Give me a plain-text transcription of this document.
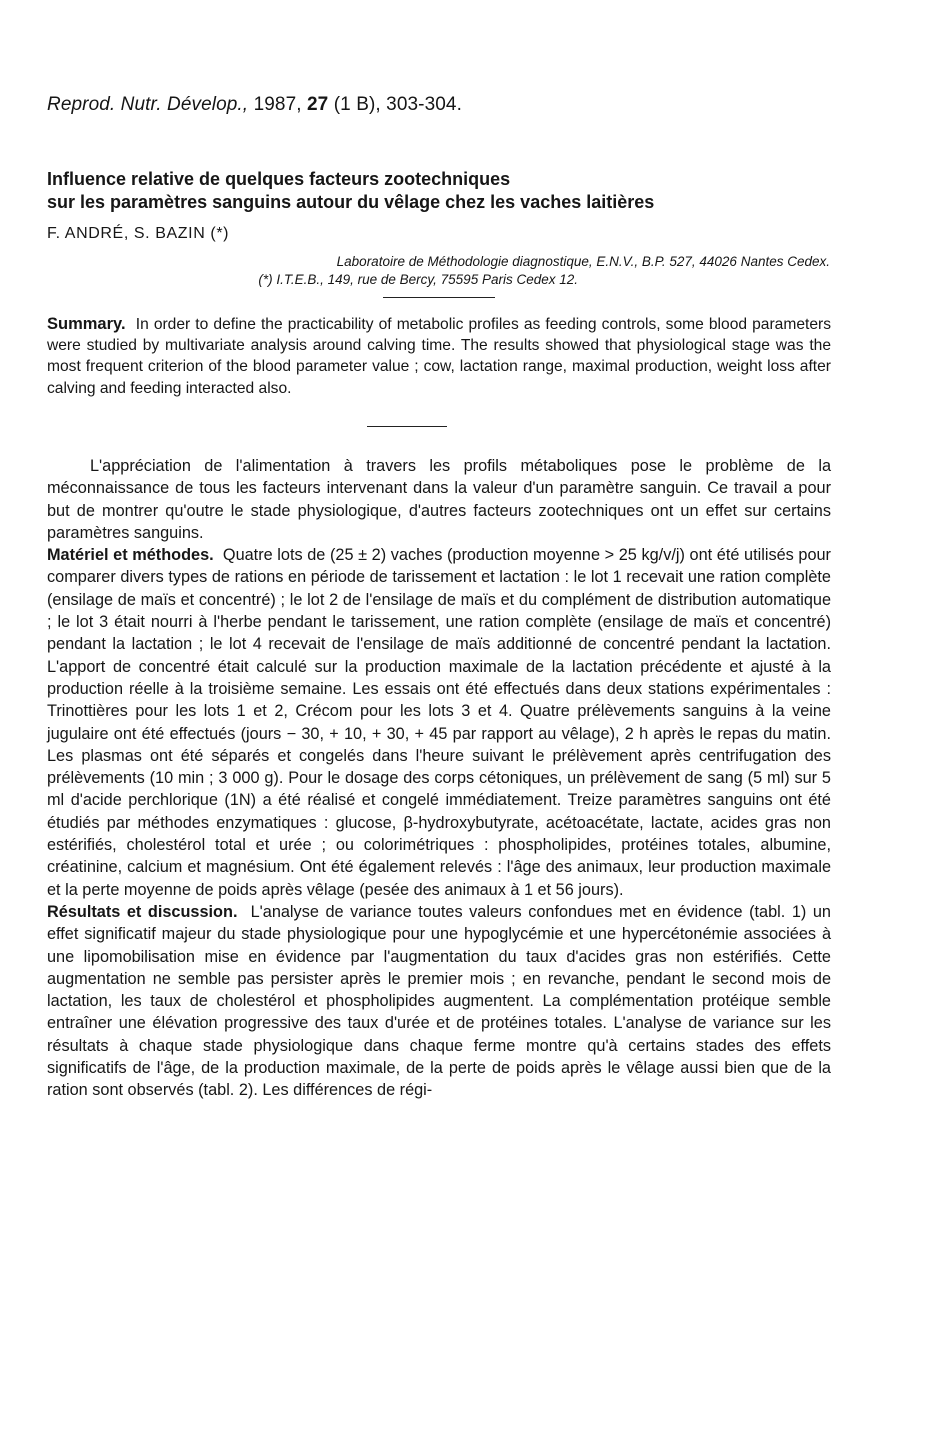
Reprod. Nutr. Dévelop., 1987, 27 (1 B), 303-304.
Influence relative de quelques facteurs zootechniques
sur les paramètres sanguins autour du vêlage chez les vaches laitières
F. ANDRÉ, S. BAZIN (*)
Laboratoire de Méthodologie diagnostique, E.N.V., B.P. 527, 44026 Nantes Cedex.
(*) I.T.E.B., 149, rue de Bercy, 75595 Paris Cedex 12.
Summary. In order to define the practicability of metabolic profiles as feeding controls, some blood parameters were studied by multivariate analysis around calving time. The results showed that physiological stage was the most frequent criterion of the blood parameter value ; cow, lactation range, maximal production, weight loss after calving and feeding interacted also.

L'appréciation de l'alimentation à travers les profils métaboliques pose le problème de la méconnaissance de tous les facteurs intervenant dans la valeur d'un paramètre sanguin. Ce travail a pour but de montrer qu'outre le stade physiologique, d'autres facteurs zootechniques ont un effet sur certains paramètres sanguins.

Matériel et méthodes. Quatre lots de (25 ± 2) vaches (production moyenne > 25 kg/v/j) ont été utilisés pour comparer divers types de rations en période de tarissement et lactation : le lot 1 recevait une ration complète (ensilage de maïs et concentré) ; le lot 2 de l'ensilage de maïs et du complément de distribution automatique ; le lot 3 était nourri à l'herbe pendant le tarissement, une ration complète (ensilage de maïs et concentré) pendant la lactation ; le lot 4 recevait de l'ensilage de maïs additionné de concentré pendant la lactation. L'apport de concentré était calculé sur la production maximale de la lactation précédente et ajusté à la production réelle à la troisième semaine. Les essais ont été effectués dans deux stations expérimentales : Trinottières pour les lots 1 et 2, Crécom pour les lots 3 et 4. Quatre prélèvements sanguins à la veine jugulaire ont été effectués (jours − 30, + 10, + 30, + 45 par rapport au vêlage), 2 h après le repas du matin. Les plasmas ont été séparés et congelés dans l'heure suivant le prélèvement après centrifugation des prélèvements (10 min ; 3 000 g). Pour le dosage des corps cétoniques, un prélèvement de sang (5 ml) sur 5 ml d'acide perchlorique (1N) a été réalisé et congelé immédiatement. Treize paramètres sanguins ont été étudiés par méthodes enzymatiques : glucose, β-hydroxybutyrate, acétoacétate, lactate, acides gras non estérifiés, cholestérol total et urée ; ou colorimétriques : phospholipides, protéines totales, albumine, créatinine, calcium et magnésium. Ont été également relevés : l'âge des animaux, leur production maximale et la perte moyenne de poids après vêlage (pesée des animaux à 1 et 56 jours).

Résultats et discussion. L'analyse de variance toutes valeurs confondues met en évidence (tabl. 1) un effet significatif majeur du stade physiologique pour une hypoglycémie et une hypercétonémie associées à une lipomobilisation mise en évidence par l'augmentation du taux d'acides gras non estérifiés. Cette augmentation ne semble pas persister après le premier mois ; en revanche, pendant le second mois de lactation, les taux de cholestérol et phospholipides augmentent. La complémentation protéique semble entraîner une élévation progressive des taux d'urée et de protéines totales. L'analyse de variance sur les résultats à chaque stade physiologique dans chaque ferme montre qu'à certains stades des effets significatifs de l'âge, de la production maximale, de la perte de poids après le vêlage aussi bien que de la ration sont observés (tabl. 2). Les différences de régi-
